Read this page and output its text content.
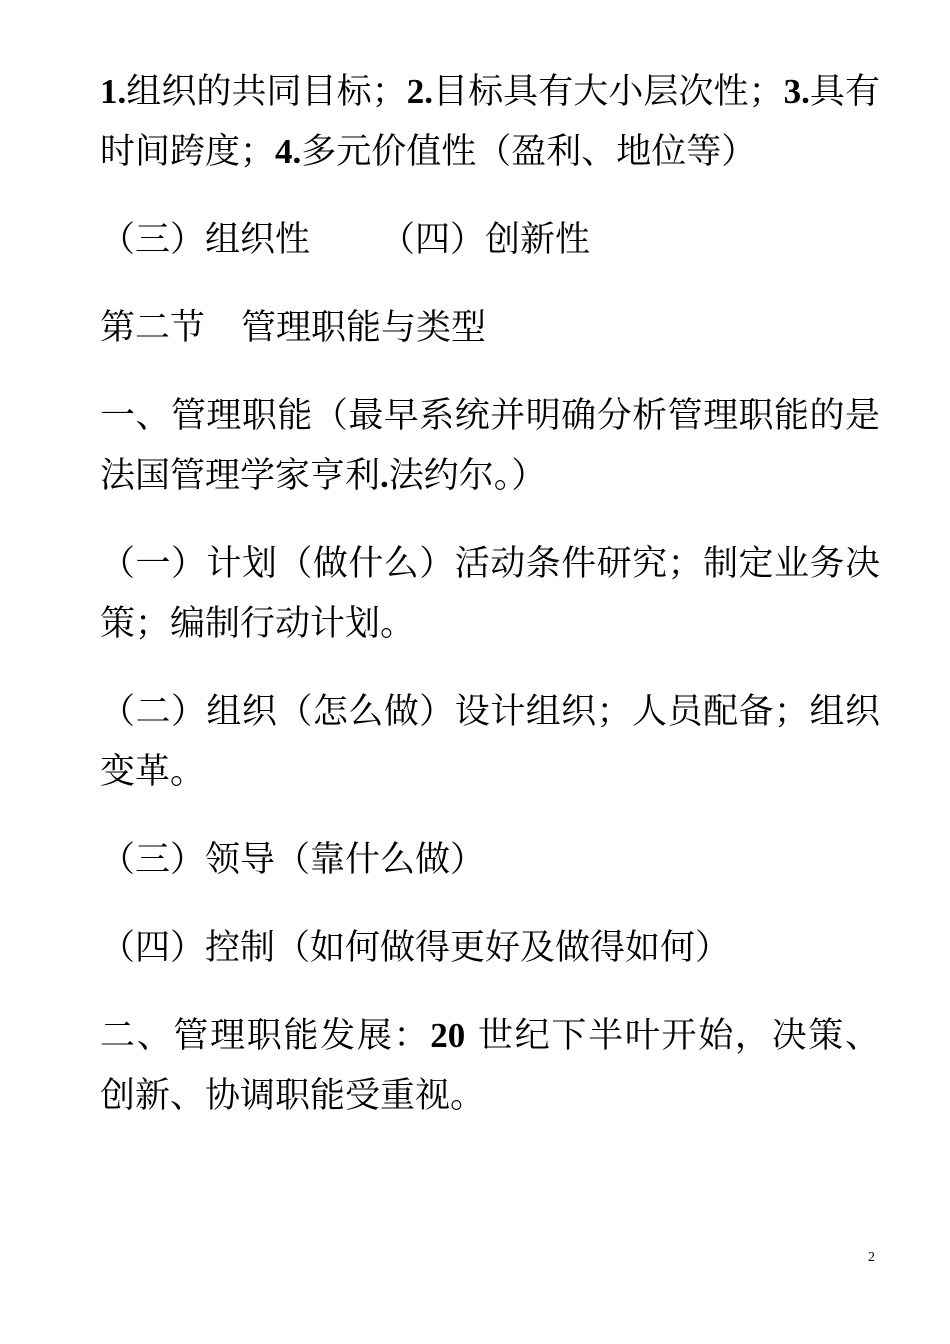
1.组织的共同目标；2.目标具有大小层次性；3.具有时间跨度；4.多元价值性（盈利、地位等）

（三）组织性 （四）创新性

第二节 管理职能与类型

一、管理职能（最早系统并明确分析管理职能的是法国管理学家亨利.法约尔。）

（一）计划（做什么）活动条件研究；制定业务决策；编制行动计划。

（二）组织（怎么做）设计组织；人员配备；组织变革。

（三）领导（靠什么做）

（四）控制（如何做得更好及做得如何）

二、管理职能发展：20 世纪下半叶开始，决策、创新、协调职能受重视。

2
